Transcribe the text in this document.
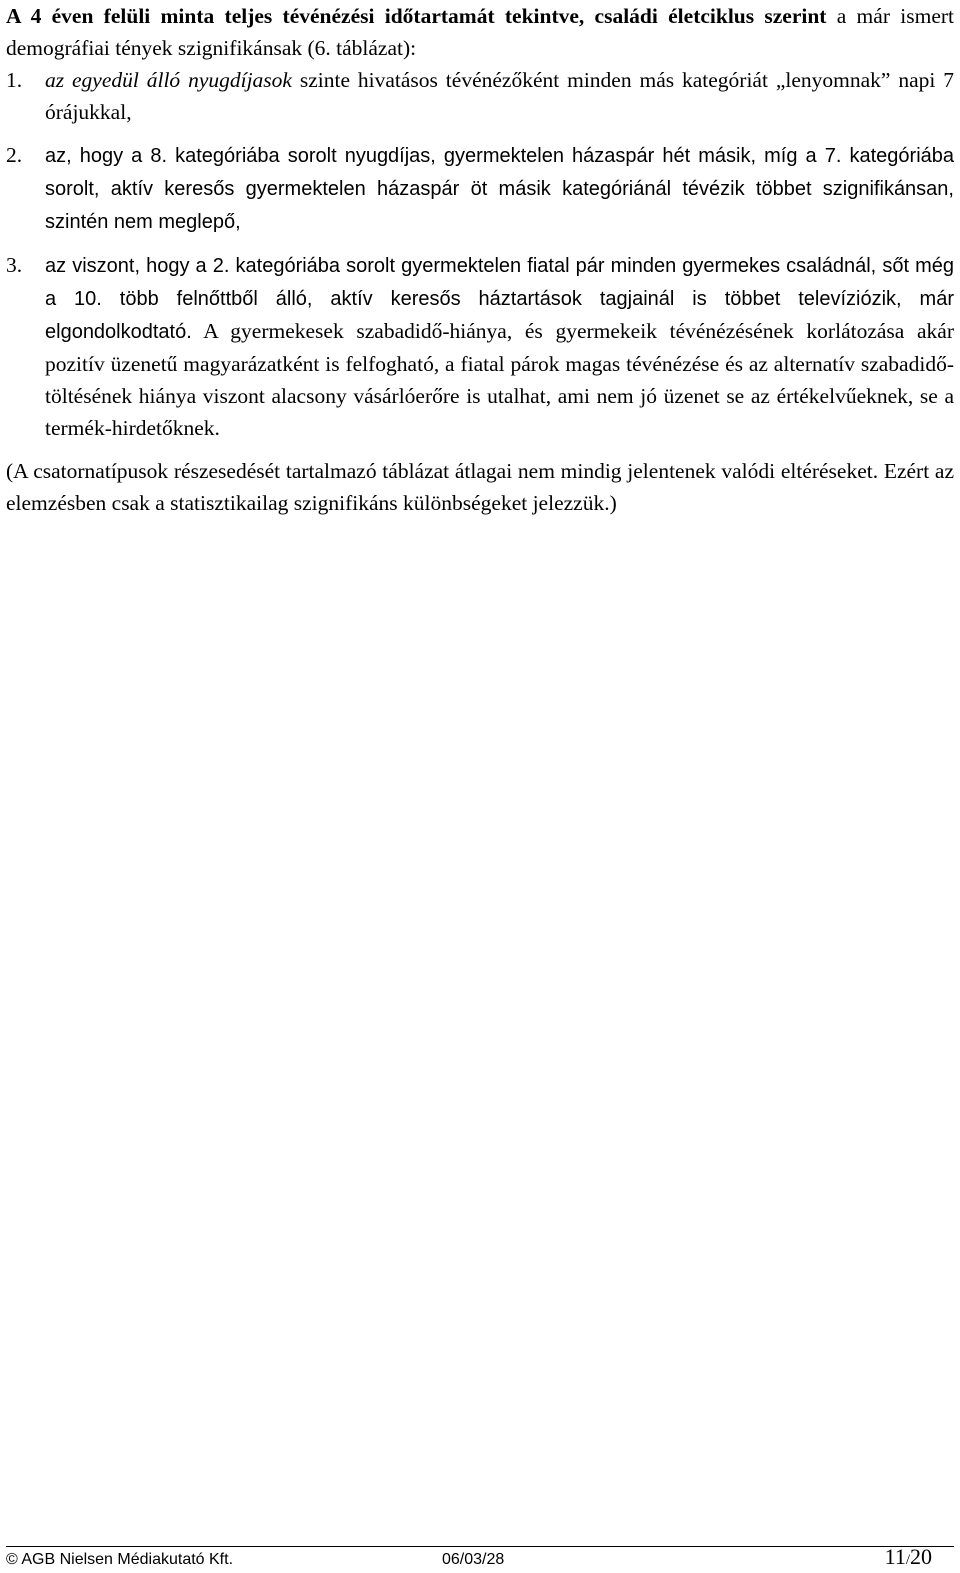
A 4 éven felüli minta teljes tévénézési időtartamát tekintve, családi életciklus szerint a már ismert demográfiai tények szignifikánsak (6. táblázat):

1. az egyedül álló nyugdíjasok szinte hivatásos tévénézőként minden más kategóriát „lenyomnak” napi 7 órájukkal,
2. az, hogy a 8. kategóriába sorolt nyugdíjas, gyermektelen házaspár hét másik, míg a 7. kategóriába sorolt, aktív keresős gyermektelen házaspár öt másik kategóriánál tévézik többet szignifikánsan, szintén nem meglepő,
3. az viszont, hogy a 2. kategóriába sorolt gyermektelen fiatal pár minden gyermekes családnál, sőt még a 10. több felnőttből álló, aktív keresős háztartások tagjainál is többet televíziózik, már elgondolkodtató. A gyermekesek szabadidő-hiánya, és gyermekeik tévénézésének korlátozása akár pozitív üzenetű magyarázatként is felfogható, a fiatal párok magas tévénézése és az alternatív szabadidő-töltésének hiánya viszont alacsony vásárlóerőre is utalhat, ami nem jó üzenet se az értékelvűeknek, se a termék-hirdetőknek.

(A csatornatípusok részesedését tartalmazó táblázat átlagai nem mindig jelentenek valódi eltéréseket. Ezért az elemzésben csak a statisztikailag szignifikáns különbségeket jelezzük.)

© AGB Nielsen Médiakutató Kft.	06/03/28	11/20
